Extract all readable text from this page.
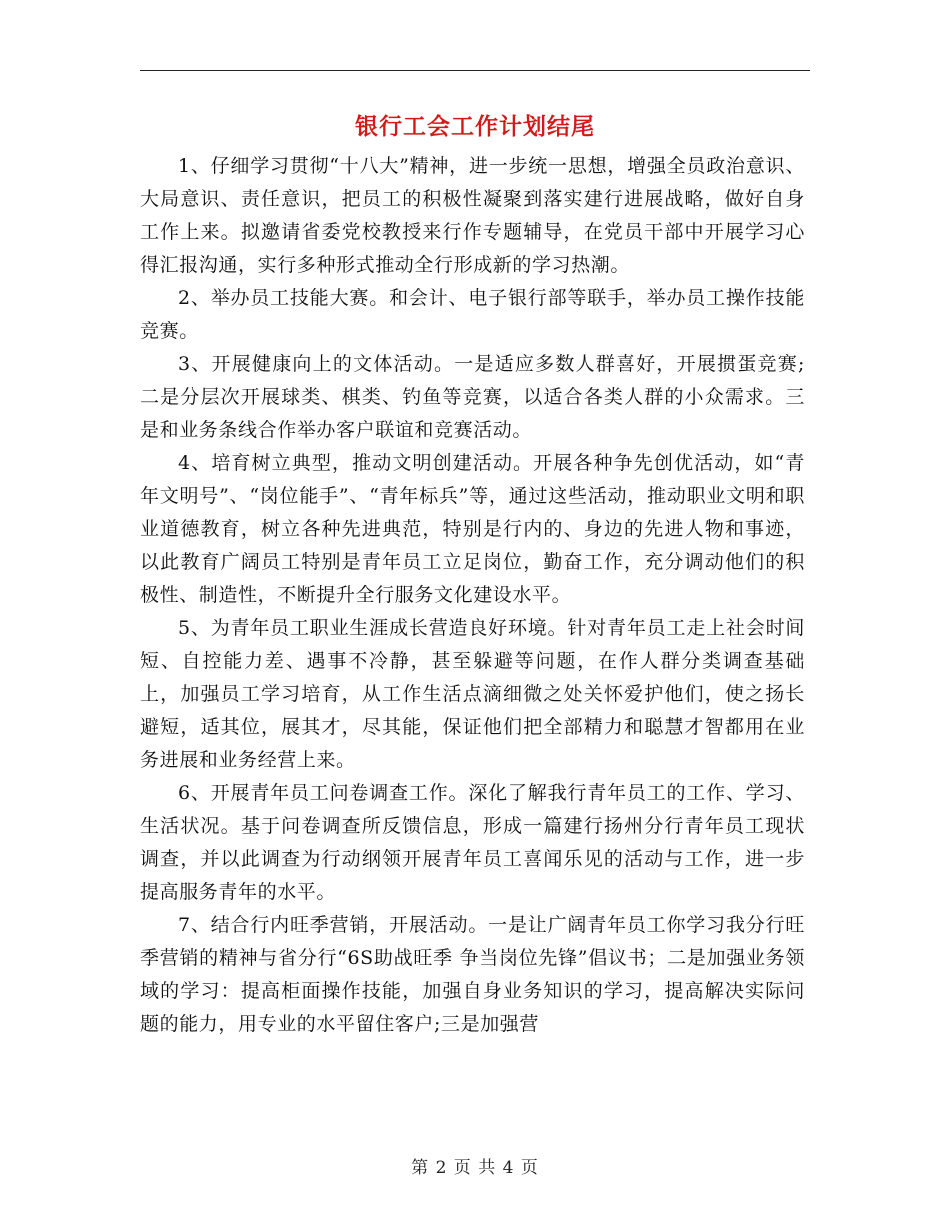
银行工会工作计划结尾

1、仔细学习贯彻“十八大”精神，进一步统一思想，增强全员政治意识、大局意识、责任意识，把员工的积极性凝聚到落实建行进展战略，做好自身工作上来。拟邀请省委党校教授来行作专题辅导，在党员干部中开展学习心得汇报沟通，实行多种形式推动全行形成新的学习热潮。

2、举办员工技能大赛。和会计、电子银行部等联手，举办员工操作技能竞赛。

3、开展健康向上的文体活动。一是适应多数人群喜好，开展掼蛋竞赛;二是分层次开展球类、棋类、钓鱼等竞赛，以适合各类人群的小众需求。三是和业务条线合作举办客户联谊和竞赛活动。

4、培育树立典型，推动文明创建活动。开展各种争先创优活动，如“青年文明号”、“岗位能手”、“青年标兵”等，通过这些活动，推动职业文明和职业道德教育，树立各种先进典范，特别是行内的、身边的先进人物和事迹，以此教育广阔员工特别是青年员工立足岗位，勤奋工作，充分调动他们的积极性、制造性，不断提升全行服务文化建设水平。

5、为青年员工职业生涯成长营造良好环境。针对青年员工走上社会时间短、自控能力差、遇事不冷静，甚至躲避等问题，在作人群分类调查基础上，加强员工学习培育，从工作生活点滴细微之处关怀爱护他们，使之扬长避短，适其位，展其才，尽其能，保证他们把全部精力和聪慧才智都用在业务进展和业务经营上来。

6、开展青年员工问卷调查工作。深化了解我行青年员工的工作、学习、生活状况。基于问卷调查所反馈信息，形成一篇建行扬州分行青年员工现状调查，并以此调查为行动纲领开展青年员工喜闻乐见的活动与工作，进一步提高服务青年的水平。

7、结合行内旺季营销，开展活动。一是让广阔青年员工你学习我分行旺季营销的精神与省分行“6S助战旺季 争当岗位先锋”倡议书；二是加强业务领域的学习：提高柜面操作技能，加强自身业务知识的学习，提高解决实际问题的能力，用专业的水平留住客户;三是加强营

第 2 页 共 4 页
